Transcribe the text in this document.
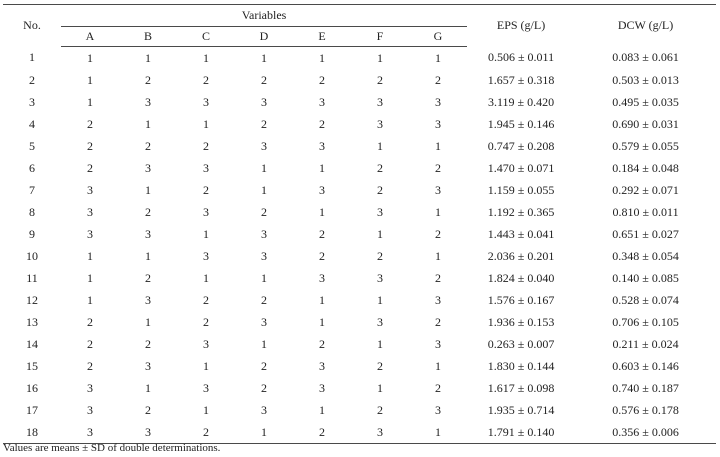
No.	Variables							EPS (g/L)	DCW (g/L)
	A	B	C	D	E	F	G		
1	1	1	1	1	1	1	1	0.506 ± 0.011	0.083 ± 0.061
2	1	2	2	2	2	2	2	1.657 ± 0.318	0.503 ± 0.013
3	1	3	3	3	3	3	3	3.119 ± 0.420	0.495 ± 0.035
4	2	1	1	2	2	3	3	1.945 ± 0.146	0.690 ± 0.031
5	2	2	2	3	3	1	1	0.747 ± 0.208	0.579 ± 0.055
6	2	3	3	1	1	2	2	1.470 ± 0.071	0.184 ± 0.048
7	3	1	2	1	3	2	3	1.159 ± 0.055	0.292 ± 0.071
8	3	2	3	2	1	3	1	1.192 ± 0.365	0.810 ± 0.011
9	3	3	1	3	2	1	2	1.443 ± 0.041	0.651 ± 0.027
10	1	1	3	3	2	2	1	2.036 ± 0.201	0.348 ± 0.054
11	1	2	1	1	3	3	2	1.824 ± 0.040	0.140 ± 0.085
12	1	3	2	2	1	1	3	1.576 ± 0.167	0.528 ± 0.074
13	2	1	2	3	1	3	2	1.936 ± 0.153	0.706 ± 0.105
14	2	2	3	1	2	1	3	0.263 ± 0.007	0.211 ± 0.024
15	2	3	1	2	3	2	1	1.830 ± 0.144	0.603 ± 0.146
16	3	1	3	2	3	1	2	1.617 ± 0.098	0.740 ± 0.187
17	3	2	1	3	1	2	3	1.935 ± 0.714	0.576 ± 0.178
18	3	3	2	1	2	3	1	1.791 ± 0.140	0.356 ± 0.006
Values are means ± SD of double determinations.
